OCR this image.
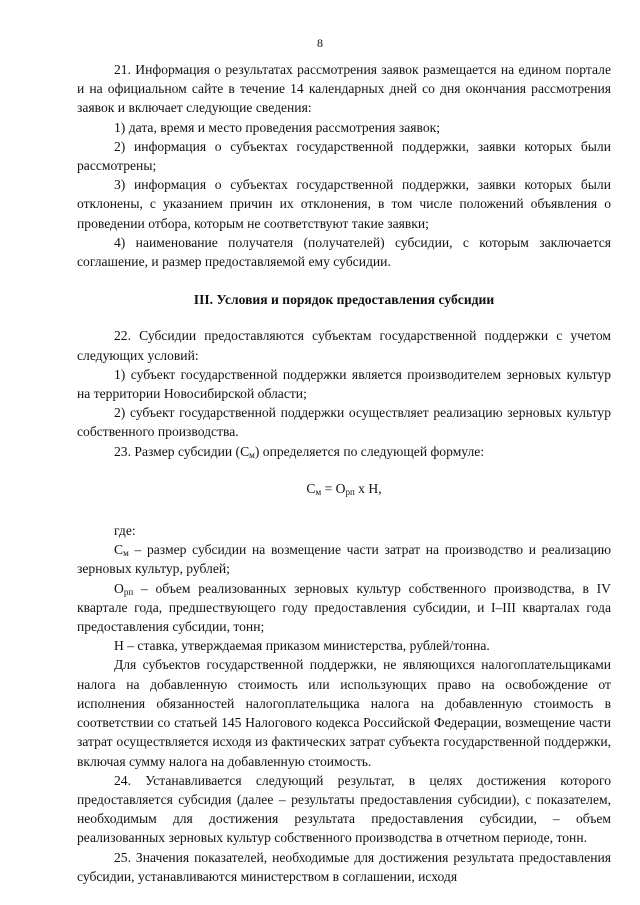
8

21. Информация о результатах рассмотрения заявок размещается на едином портале и на официальном сайте в течение 14 календарных дней со дня окончания рассмотрения заявок и включает следующие сведения:

1) дата, время и место проведения рассмотрения заявок;

2) информация о субъектах государственной поддержки, заявки которых были рассмотрены;

3) информация о субъектах государственной поддержки, заявки которых были отклонены, с указанием причин их отклонения, в том числе положений объявления о проведении отбора, которым не соответствуют такие заявки;

4) наименование получателя (получателей) субсидии, с которым заключается соглашение, и размер предоставляемой ему субсидии.

III. Условия и порядок предоставления субсидии

22. Субсидии предоставляются субъектам государственной поддержки с учетом следующих условий:

1) субъект государственной поддержки является производителем зерновых культур на территории Новосибирской области;

2) субъект государственной поддержки осуществляет реализацию зерновых культур собственного производства.

23. Размер субсидии $(С_м)$ определяется по следующей формуле:

$С_м = О_{рп}$ х Н,

где:

$С_м$ – размер субсидии на возмещение части затрат на производство и реализацию зерновых культур, рублей;

$О_{рп}$ – объем реализованных зерновых культур собственного производства, в IV квартале года, предшествующего году предоставления субсидии, и I–III кварталах года предоставления субсидии, тонн;

Н – ставка, утверждаемая приказом министерства, рублей/тонна.

Для субъектов государственной поддержки, не являющихся налогоплательщиками налога на добавленную стоимость или использующих право на освобождение от исполнения обязанностей налогоплательщика налога на добавленную стоимость в соответствии со статьей 145 Налогового кодекса Российской Федерации, возмещение части затрат осуществляется исходя из фактических затрат субъекта государственной поддержки, включая сумму налога на добавленную стоимость.

24. Устанавливается следующий результат, в целях достижения которого предоставляется субсидия (далее – результаты предоставления субсидии), с показателем, необходимым для достижения результата предоставления субсидии, – объем реализованных зерновых культур собственного производства в отчетном периоде, тонн.

25. Значения показателей, необходимые для достижения результата предоставления субсидии, устанавливаются министерством в соглашении, исходя
